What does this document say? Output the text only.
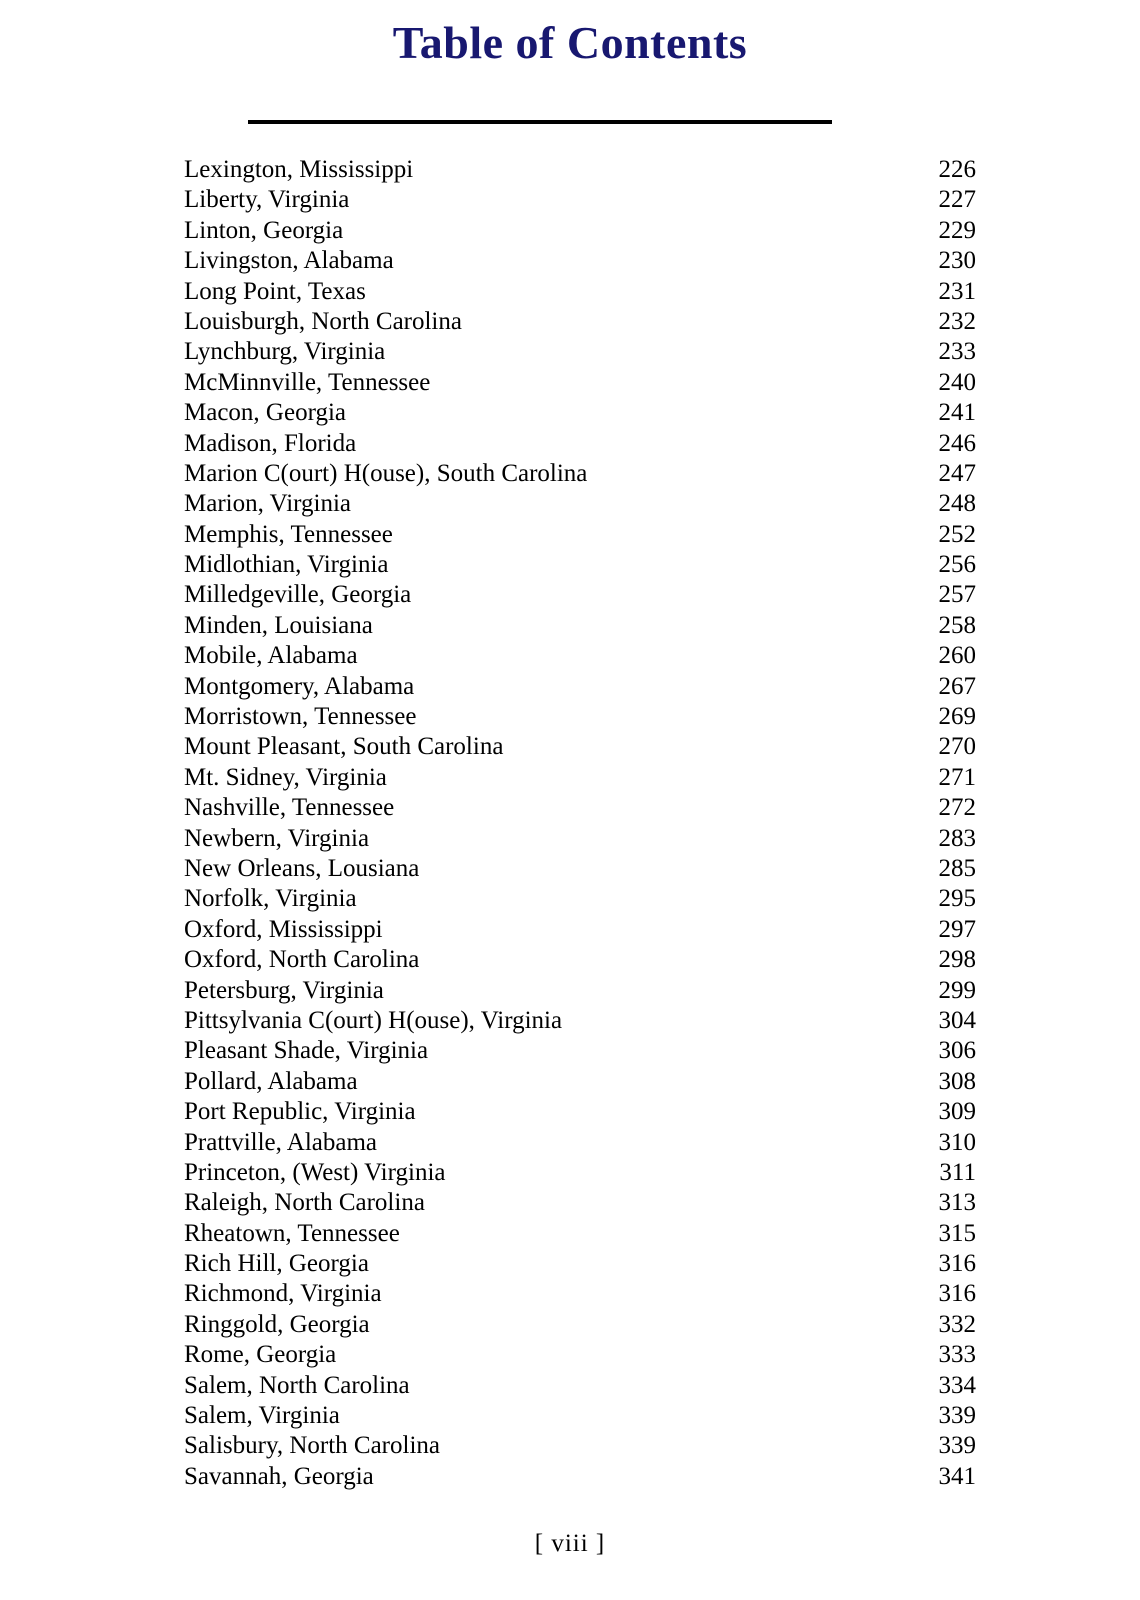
Table of Contents
Lexington, Mississippi	226
Liberty, Virginia	227
Linton, Georgia	229
Livingston, Alabama	230
Long Point, Texas	231
Louisburgh, North Carolina	232
Lynchburg, Virginia	233
McMinnville, Tennessee	240
Macon, Georgia	241
Madison, Florida	246
Marion C(ourt) H(ouse), South Carolina	247
Marion, Virginia	248
Memphis, Tennessee	252
Midlothian, Virginia	256
Milledgeville, Georgia	257
Minden, Louisiana	258
Mobile, Alabama	260
Montgomery, Alabama	267
Morristown, Tennessee	269
Mount Pleasant, South Carolina	270
Mt. Sidney, Virginia	271
Nashville, Tennessee	272
Newbern, Virginia	283
New Orleans, Lousiana	285
Norfolk, Virginia	295
Oxford, Mississippi	297
Oxford, North Carolina	298
Petersburg, Virginia	299
Pittsylvania C(ourt) H(ouse), Virginia	304
Pleasant Shade, Virginia	306
Pollard, Alabama	308
Port Republic, Virginia	309
Prattville, Alabama	310
Princeton, (West) Virginia	311
Raleigh, North Carolina	313
Rheatown, Tennessee	315
Rich Hill, Georgia	316
Richmond, Virginia	316
Ringgold, Georgia	332
Rome, Georgia	333
Salem, North Carolina	334
Salem, Virginia	339
Salisbury, North Carolina	339
Savannah, Georgia	341
[ viii ]
